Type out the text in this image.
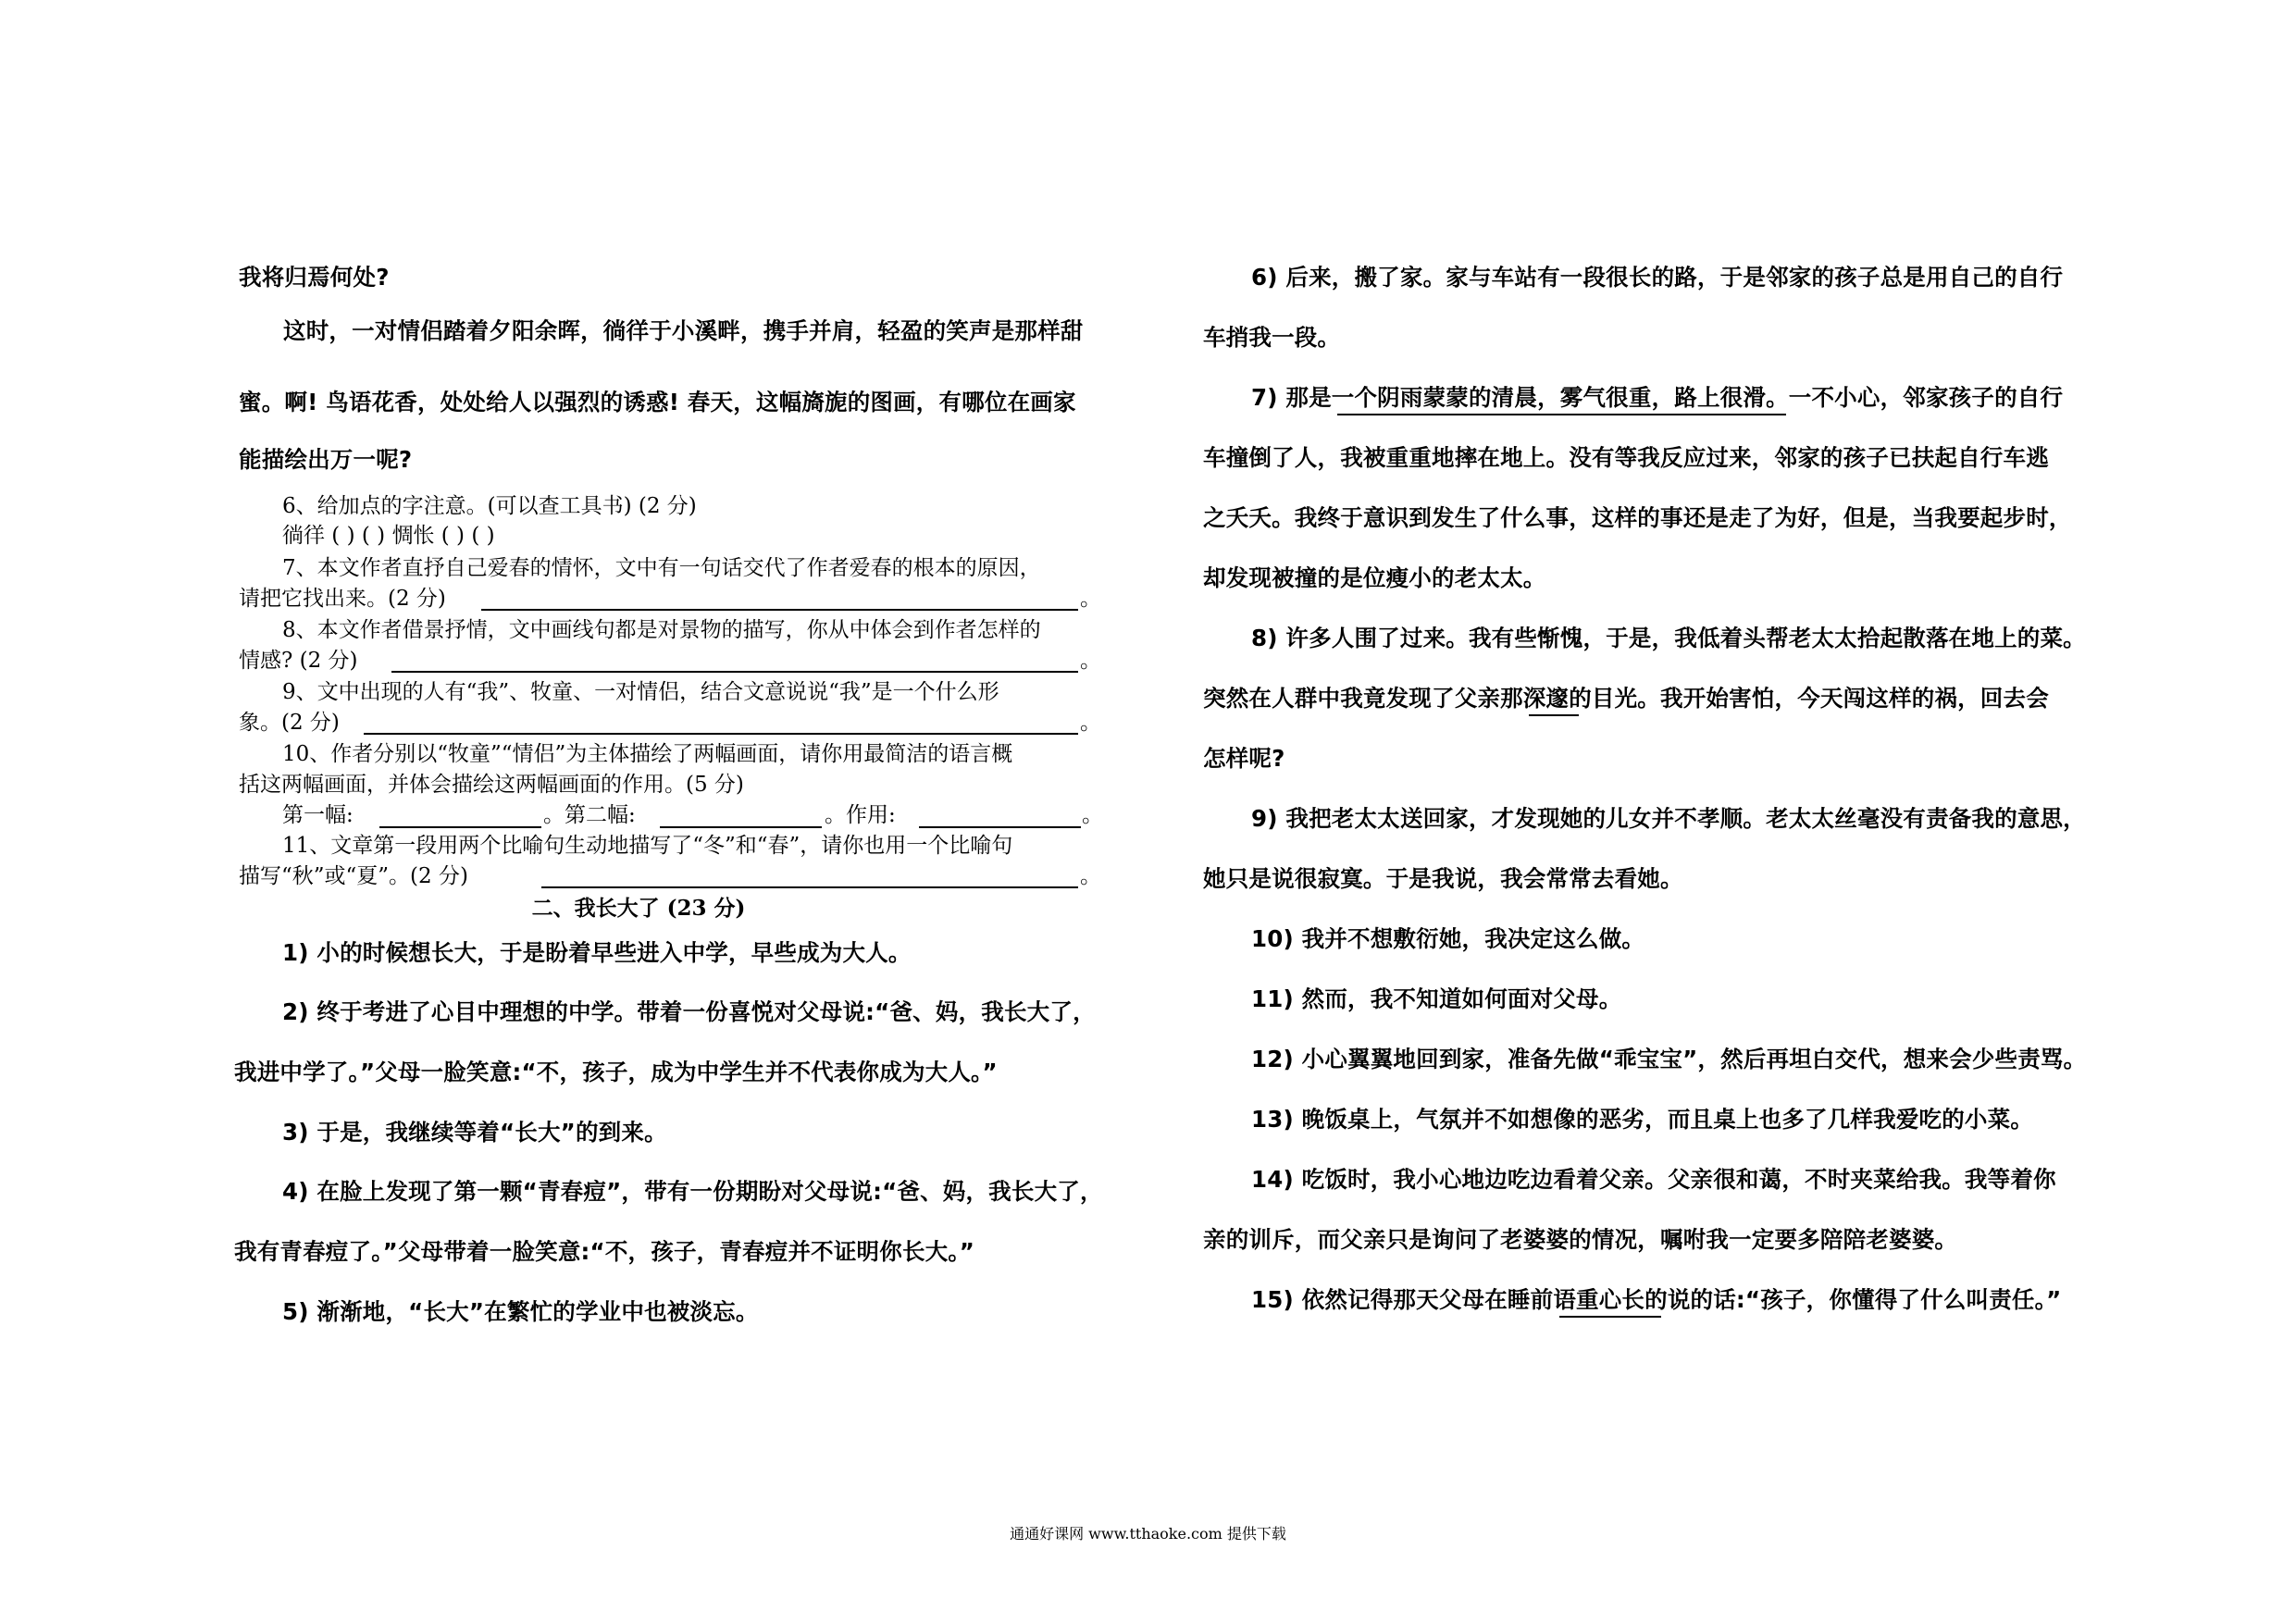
我将归焉何处?
这时，一对情侣踏着夕阳余晖，徜徉于小溪畔，携手并肩，轻盈的笑声是那样甜
蜜。啊! 鸟语花香，处处给人以强烈的诱惑! 春天，这幅旖旎的图画，有哪位在画家
能描绘出万一呢?
6、给加点的字注意。(可以查工具书) (2 分)
徜徉 ( ) ( ) 惆怅 ( ) ( )
7、本文作者直抒自己爱春的情怀，文中有一句话交代了作者爱春的根本的原因，
请把它找出来。(2 分)	。
8、本文作者借景抒情，文中画线句都是对景物的描写，你从中体会到作者怎样的
情感? (2 分)	。
9、文中出现的人有“我”、牧童、一对情侣，结合文意说说“我”是一个什么形
象。(2 分)	。
10、作者分别以“牧童”“情侣”为主体描绘了两幅画面，请你用最简洁的语言概
括这两幅画面，并体会描绘这两幅画面的作用。(5 分)
第一幅:	。第二幅:	。作用:	。
11、文章第一段用两个比喻句生动地描写了“冬”和“春”，请你也用一个比喻句
描写“秋”或“夏”。(2 分)	。
二、我长大了 (23 分)
1) 小的时候想长大，于是盼着早些进入中学，早些成为大人。
2) 终于考进了心目中理想的中学。带着一份喜悦对父母说:“爸、妈，我长大了，
我进中学了。”父母一脸笑意:“不，孩子，成为中学生并不代表你成为大人。”
3) 于是，我继续等着“长大”的到来。
4) 在脸上发现了第一颗“青春痘”，带有一份期盼对父母说:“爸、妈，我长大了，
我有青春痘了。”父母带着一脸笑意:“不，孩子，青春痘并不证明你长大。”
5) 渐渐地，“长大”在繁忙的学业中也被淡忘。
6) 后来，搬了家。家与车站有一段很长的路，于是邻家的孩子总是用自己的自行
车捎我一段。
7) 那是一个阴雨蒙蒙的清晨，雾气很重，路上很滑。一不小心，邻家孩子的自行
车撞倒了人，我被重重地摔在地上。没有等我反应过来，邻家的孩子已扶起自行车逃
之夭夭。我终于意识到发生了什么事，这样的事还是走了为好，但是，当我要起步时，
却发现被撞的是位瘦小的老太太。
8) 许多人围了过来。我有些惭愧，于是，我低着头帮老太太拾起散落在地上的菜。
突然在人群中我竟发现了父亲那深邃的目光。我开始害怕，今天闯这样的祸，回去会
怎样呢?
9) 我把老太太送回家，才发现她的儿女并不孝顺。老太太丝毫没有责备我的意思，
她只是说很寂寞。于是我说，我会常常去看她。
10) 我并不想敷衍她，我决定这么做。
11) 然而，我不知道如何面对父母。
12) 小心翼翼地回到家，准备先做“乖宝宝”，然后再坦白交代，想来会少些责骂。
13) 晚饭桌上，气氛并不如想像的恶劣，而且桌上也多了几样我爱吃的小菜。
14) 吃饭时，我小心地边吃边看着父亲。父亲很和蔼，不时夹菜给我。我等着你
亲的训斥，而父亲只是询问了老婆婆的情况，嘱咐我一定要多陪陪老婆婆。
15) 依然记得那天父母在睡前语重心长的说的话:“孩子，你懂得了什么叫责任。”
通通好课网 www.tthaoke.com 提供下载
